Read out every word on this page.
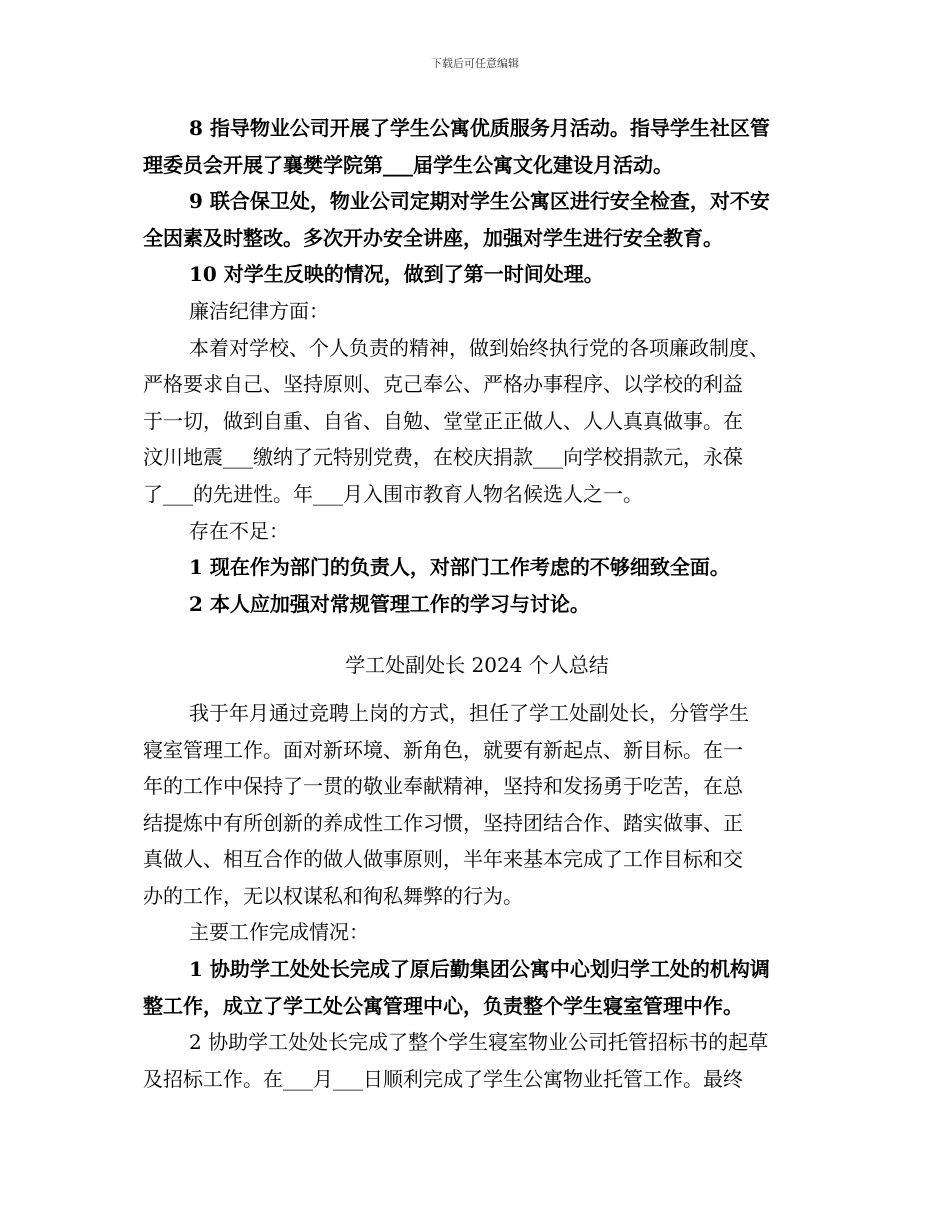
下载后可任意编辑
8 指导物业公司开展了学生公寓优质服务月活动。指导学生社区管
理委员会开展了襄樊学院第___届学生公寓文化建设月活动。
9 联合保卫处，物业公司定期对学生公寓区进行安全检查，对不安
全因素及时整改。多次开办安全讲座，加强对学生进行安全教育。
10 对学生反映的情况，做到了第一时间处理。
廉洁纪律方面：
本着对学校、个人负责的精神，做到始终执行党的各项廉政制度、
严格要求自己、坚持原则、克己奉公、严格办事程序、以学校的利益
于一切，做到自重、自省、自勉、堂堂正正做人、人人真真做事。在
汶川地震___缴纳了元特别党费，在校庆捐款___向学校捐款元，永葆
了___的先进性。年___月入围市教育人物名候选人之一。
存在不足：
1 现在作为部门的负责人，对部门工作考虑的不够细致全面。
2 本人应加强对常规管理工作的学习与讨论。
学工处副处长 2024 个人总结
我于年月通过竞聘上岗的方式，担任了学工处副处长，分管学生
寝室管理工作。面对新环境、新角色，就要有新起点、新目标。在一
年的工作中保持了一贯的敬业奉献精神，坚持和发扬勇于吃苦，在总
结提炼中有所创新的养成性工作习惯，坚持团结合作、踏实做事、正
真做人、相互合作的做人做事原则，半年来基本完成了工作目标和交
办的工作，无以权谋私和徇私舞弊的行为。
主要工作完成情况：
1 协助学工处处长完成了原后勤集团公寓中心划归学工处的机构调
整工作，成立了学工处公寓管理中心，负责整个学生寝室管理中作。
2 协助学工处处长完成了整个学生寝室物业公司托管招标书的起草
及招标工作。在___月___日顺利完成了学生公寓物业托管工作。最终
